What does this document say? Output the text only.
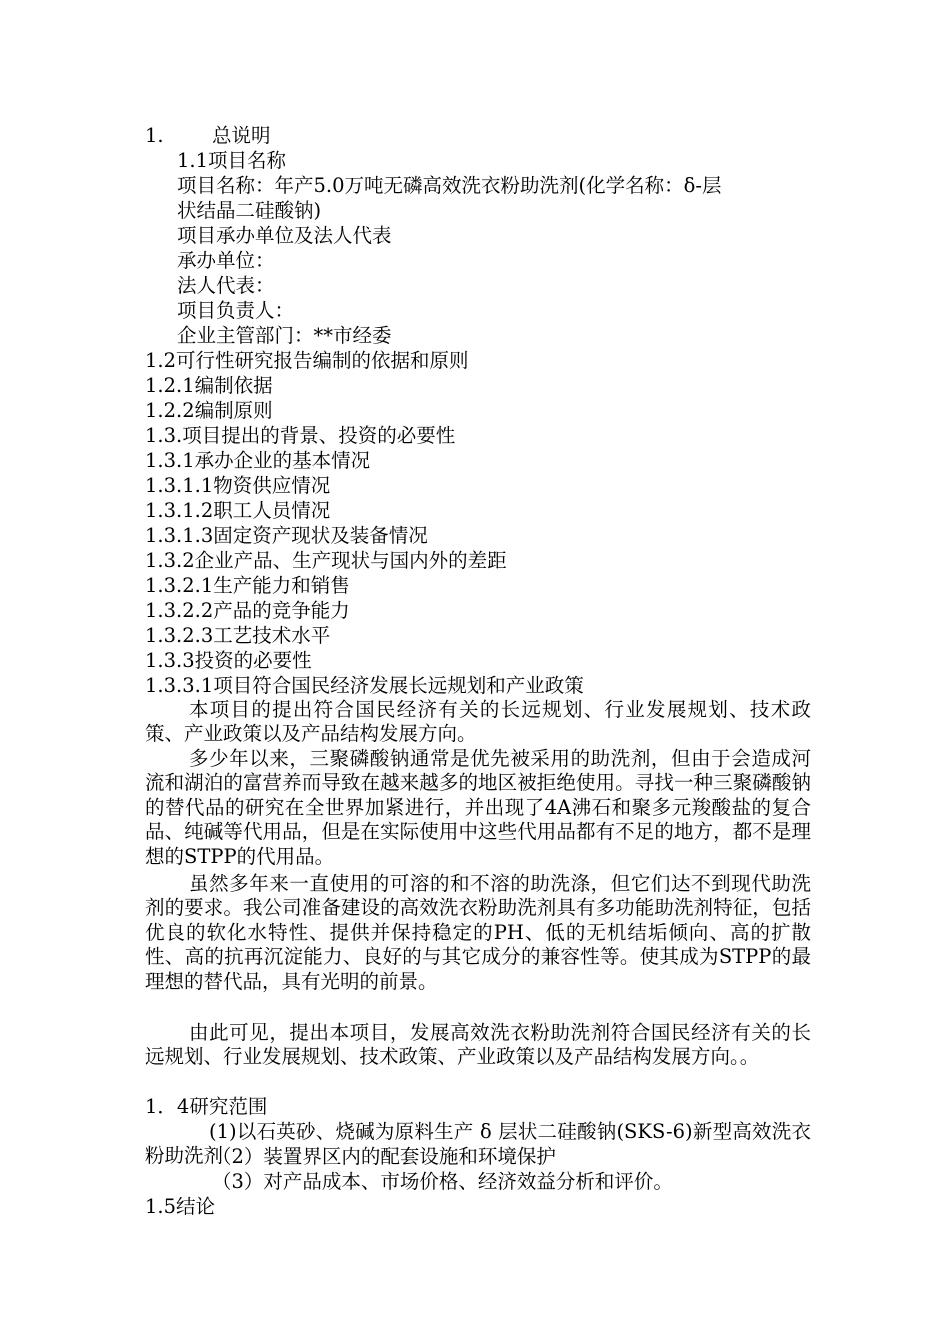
1. 总说明
1.1项目名称
项目名称：年产5.0万吨无磷高效洗衣粉助洗剂(化学名称：δ-层
状结晶二硅酸钠)
项目承办单位及法人代表
承办单位：
法人代表：
项目负责人：
企业主管部门：**市经委
1.2可行性研究报告编制的依据和原则
1.2.1编制依据
1.2.2编制原则
1.3.项目提出的背景、投资的必要性
1.3.1承办企业的基本情况
1.3.1.1物资供应情况
1.3.1.2职工人员情况
1.3.1.3固定资产现状及装备情况
1.3.2企业产品、生产现状与国内外的差距
1.3.2.1生产能力和销售
1.3.2.2产品的竞争能力
1.3.2.3工艺技术水平
1.3.3投资的必要性
1.3.3.1项目符合国民经济发展长远规划和产业政策
本项目的提出符合国民经济有关的长远规划、行业发展规划、技术政策、产业政策以及产品结构发展方向。
多少年以来，三聚磷酸钠通常是优先被采用的助洗剂，但由于会造成河流和湖泊的富营养而导致在越来越多的地区被拒绝使用。寻找一种三聚磷酸钠的替代品的研究在全世界加紧进行，并出现了4A沸石和聚多元羧酸盐的复合品、纯碱等代用品，但是在实际使用中这些代用品都有不足的地方，都不是理想的STPP的代用品。
虽然多年来一直使用的可溶的和不溶的助洗涤，但它们达不到现代助洗剂的要求。我公司准备建设的高效洗衣粉助洗剂具有多功能助洗剂特征，包括优良的软化水特性、提供并保持稳定的PH、低的无机结垢倾向、高的扩散性、高的抗再沉淀能力、良好的与其它成分的兼容性等。使其成为STPP的最理想的替代品，具有光明的前景。
由此可见，提出本项目，发展高效洗衣粉助洗剂符合国民经济有关的长远规划、行业发展规划、技术政策、产业政策以及产品结构发展方向。。
1．4研究范围
(1)以石英砂、烧碱为原料生产 δ 层状二硅酸钠(SKS-6)新型高效洗衣粉助洗剂
（2）装置界区内的配套设施和环境保护
（3）对产品成本、市场价格、经济效益分析和评价。
1.5结论
